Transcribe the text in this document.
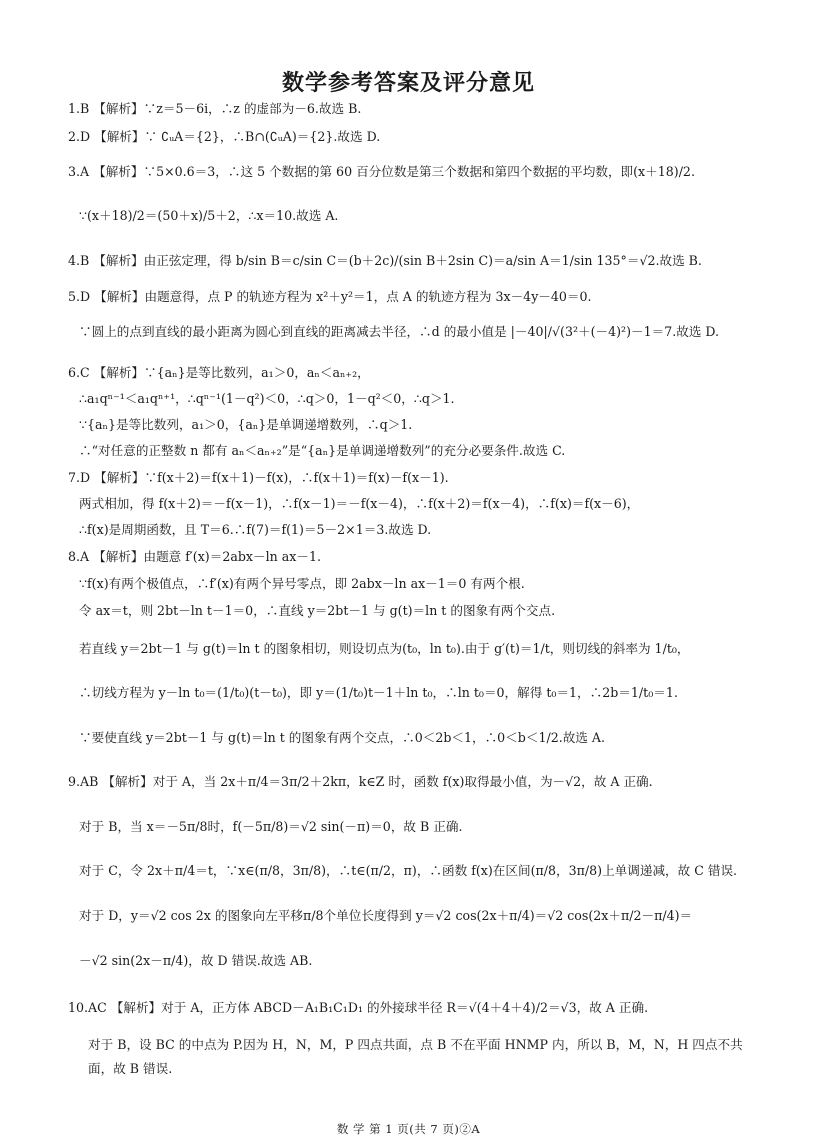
数学参考答案及评分意见
1.B 【解析】∵z＝5－6i，∴z 的虚部为－6.故选 B.
2.D 【解析】∵ ∁ᵤA＝{2}，∴B∩(∁ᵤA)＝{2}.故选 D.
3.A 【解析】∵5×0.6＝3，∴这 5 个数据的第 60 百分位数是第三个数据和第四个数据的平均数，即(x＋18)/2.
∵(x＋18)/2＝(50＋x)/5＋2，∴x＝10.故选 A.
4.B 【解析】由正弦定理，得 b/sin B＝c/sin C＝(b＋2c)/(sin B＋2sin C)＝a/sin A＝1/sin 135°＝√2.故选 B.
5.D 【解析】由题意得，点 P 的轨迹方程为 x²＋y²＝1，点 A 的轨迹方程为 3x－4y－40＝0.
∵圆上的点到直线的最小距离为圆心到直线的距离减去半径，∴d 的最小值是 |－40|/√(3²＋(－4)²)－1＝7.故选 D.
6.C 【解析】∵{aₙ}是等比数列，a₁＞0，aₙ＜aₙ₊₂，
∴a₁qⁿ⁻¹＜a₁qⁿ⁺¹，∴qⁿ⁻¹(1－q²)＜0，∴q＞0，1－q²＜0，∴q＞1.
∵{aₙ}是等比数列，a₁＞0，{aₙ}是单调递增数列，∴q＞1.
∴“对任意的正整数 n 都有 aₙ＜aₙ₊₂”是“{aₙ}是单调递增数列”的充分必要条件.故选 C.
7.D 【解析】∵f(x＋2)＝f(x＋1)－f(x)，∴f(x＋1)＝f(x)－f(x－1).
两式相加，得 f(x＋2)＝－f(x－1)，∴f(x－1)＝－f(x－4)，∴f(x＋2)＝f(x－4)，∴f(x)＝f(x－6)，
∴f(x)是周期函数，且 T＝6.∴f(7)＝f(1)＝5－2×1＝3.故选 D.
8.A 【解析】由题意 f′(x)＝2abx－ln ax－1.
∵f(x)有两个极值点，∴f′(x)有两个异号零点，即 2abx－ln ax－1＝0 有两个根.
令 ax＝t，则 2bt－ln t－1＝0，∴直线 y＝2bt－1 与 g(t)＝ln t 的图象有两个交点.
若直线 y＝2bt－1 与 g(t)＝ln t 的图象相切，则设切点为(t₀，ln t₀).由于 g′(t)＝1/t，则切线的斜率为 1/t₀，
∴切线方程为 y－ln t₀＝(1/t₀)(t－t₀)，即 y＝(1/t₀)t－1＋ln t₀，∴ln t₀＝0，解得 t₀＝1，∴2b＝1/t₀＝1.
∵要使直线 y＝2bt－1 与 g(t)＝ln t 的图象有两个交点，∴0＜2b＜1，∴0＜b＜1/2.故选 A.
9.AB 【解析】对于 A，当 2x＋π/4＝3π/2＋2kπ，k∈Z 时，函数 f(x)取得最小值，为－√2，故 A 正确.
对于 B，当 x＝－5π/8时，f(－5π/8)＝√2 sin(－π)＝0，故 B 正确.
对于 C，令 2x＋π/4＝t，∵x∈(π/8，3π/8)，∴t∈(π/2，π)，∴函数 f(x)在区间(π/8，3π/8)上单调递减，故 C 错误.
对于 D，y＝√2 cos 2x 的图象向左平移π/8个单位长度得到 y＝√2 cos(2x＋π/4)＝√2 cos(2x＋π/2－π/4)＝
－√2 sin(2x－π/4)，故 D 错误.故选 AB.
10.AC 【解析】对于 A，正方体 ABCD－A₁B₁C₁D₁ 的外接球半径 R＝√(4＋4＋4)/2＝√3，故 A 正确.
对于 B，设 BC 的中点为 P.因为 H，N，M，P 四点共面，点 B 不在平面 HNMP 内，所以 B，M，N，H 四点不共
面，故 B 错误.
数 学 第 1 页(共 7 页)②A
